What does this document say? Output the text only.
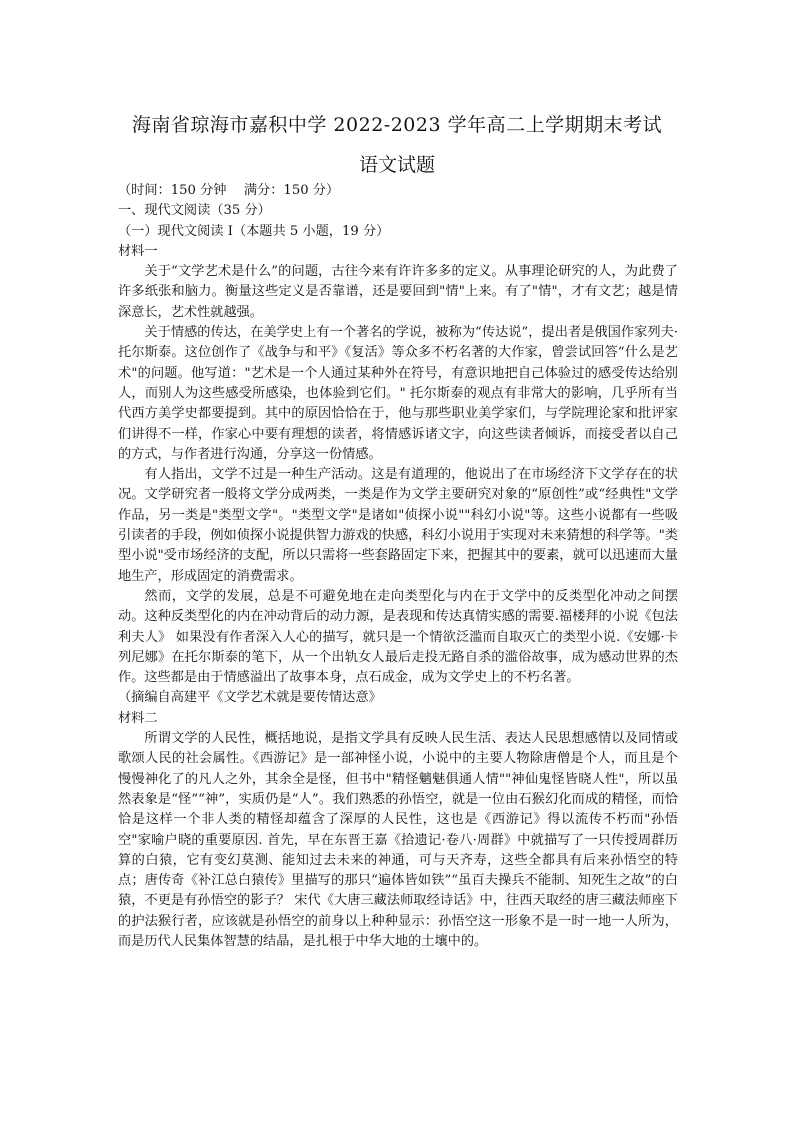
海南省琼海市嘉积中学 2022-2023 学年高二上学期期末考试
语文试题

（时间：150 分钟　 满分：150 分）

一、现代文阅读（35 分）

（一）现代文阅读 I（本题共 5 小题，19 分）

材料一

关于“文学艺术是什么”的问题，古往今来有许许多多的定义。从事理论研究的人，为此费了许多纸张和脑力。衡量这些定义是否靠谱，还是要回到"情"上来。有了"情"，才有文艺；越是情深意长，艺术性就越强。

关于情感的传达，在美学史上有一个著名的学说，被称为“传达说”，提出者是俄国作家列夫·托尔斯泰。这位创作了《战争与和平》《复活》等众多不朽名著的大作家，曾尝试回答“什么是艺术"的问题。他写道："艺术是一个人通过某种外在符号，有意识地把自己体验过的感受传达给别人，而别人为这些感受所感染，也体验到它们。" 托尔斯泰的观点有非常大的影响，几乎所有当代西方美学史都要提到。其中的原因恰恰在于，他与那些职业美学家们，与学院理论家和批评家们讲得不一样，作家心中要有理想的读者，将情感诉诸文字，向这些读者倾诉，而接受者以自己的方式，与作者进行沟通，分享这一份情感。

有人指出，文学不过是一种生产活动。这是有道理的，他说出了在市场经济下文学存在的状况。文学研究者一般将文学分成两类，一类是作为文学主要研究对象的“原创性”或“经典性"文学作品，另一类是"类型文学"。"类型文学"是诸如"侦探小说""科幻小说"等。这些小说都有一些吸引读者的手段，例如侦探小说提供智力游戏的快感，科幻小说用于实现对未来猜想的科学等。"类型小说"受市场经济的支配，所以只需将一些套路固定下来，把握其中的要素，就可以迅速而大量地生产，形成固定的消费需求。

然而，文学的发展，总是不可避免地在走向类型化与内在于文学中的反类型化冲动之间摆动。这种反类型化的内在冲动背后的动力源，是表现和传达真情实感的需要.福楼拜的小说《包法利夫人》 如果没有作者深入人心的描写，就只是一个情欲泛滥而自取灭亡的类型小说.《安娜·卡列尼娜》在托尔斯泰的笔下，从一个出轨女人最后走投无路自杀的滥俗故事，成为感动世界的杰作。这些都是由于情感溢出了故事本身，点石成金，成为文学史上的不朽名著。

（摘编自高建平《文学艺术就是要传情达意》

材料二

所谓文学的人民性，概括地说，是指文学具有反映人民生活、表达人民思想感情以及同情或歌颂人民的社会属性。《西游记》是一部神怪小说，小说中的主要人物除唐僧是个人，而且是个慢慢神化了的凡人之外，其余全是怪，但书中"精怪魑魅俱通人情""神仙鬼怪皆晓人性"，所以虽然表象是“怪”“神”，实质仍是“人”。我们熟悉的孙悟空，就是一位由石猴幻化而成的精怪，而恰恰是这样一个非人类的精怪却蕴含了深厚的人民性，这也是《西游记》得以流传不朽而"孙悟空"家喻户晓的重要原因. 首先，早在东晋王嘉《拾遗记·卷八·周群》中就描写了一只传授周群历算的白猿，它有变幻莫测、能知过去未来的神通，可与天齐寿，这些全都具有后来孙悟空的特点；唐传奇《补江总白猿传》里描写的那只“遍体皆如铁”“虽百夫操兵不能制、知死生之故”的白猿，不更是有孙悟空的影子？ 宋代《大唐三藏法师取经诗话》中，往西天取经的唐三藏法师座下的护法猴行者，应该就是孙悟空的前身以上种种显示：孙悟空这一形象不是一时一地一人所为，而是历代人民集体智慧的结晶，是扎根于中华大地的土壤中的。
